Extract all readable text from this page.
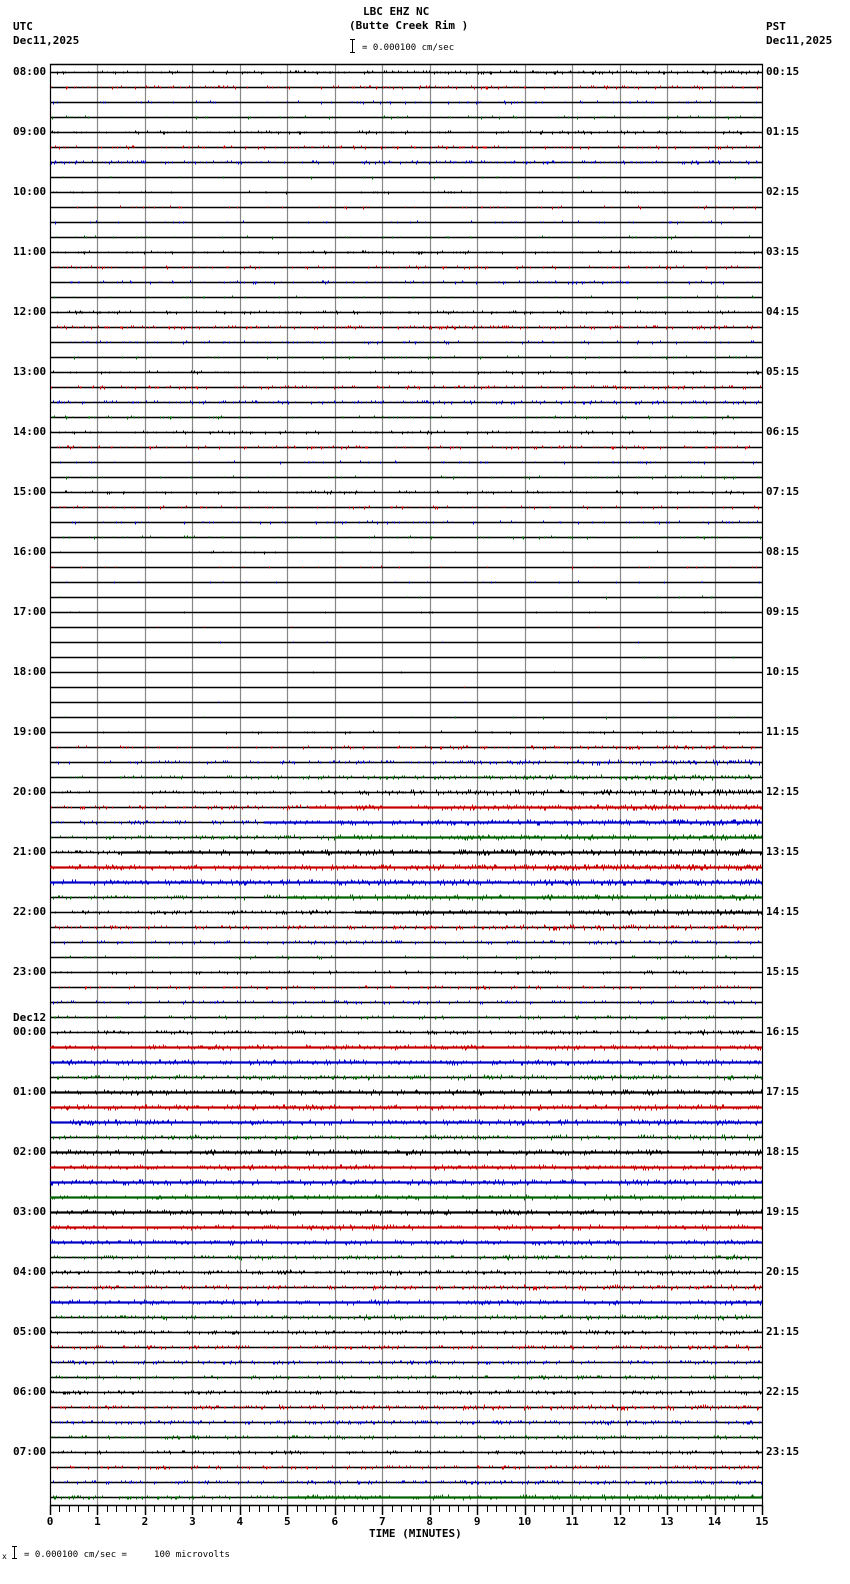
LBC EHZ NC
(Butte Creek Rim )
= 0.000100 cm/sec
UTC
Dec11,2025
PST
Dec11,2025
08:00
09:00
10:00
11:00
12:00
13:00
14:00
15:00
16:00
17:00
18:00
19:00
20:00
21:00
22:00
23:00
Dec12
00:00
01:00
02:00
03:00
04:00
05:00
06:00
07:00
00:15
01:15
02:15
03:15
04:15
05:15
06:15
07:15
08:15
09:15
10:15
11:15
12:15
13:15
14:15
15:15
16:15
17:15
18:15
19:15
20:15
21:15
22:15
23:15
0	1	2	3	4	5	6	7	8	9	10	11	12	13	14	15
TIME (MINUTES)
x = 0.000100 cm/sec =     100 microvolts
